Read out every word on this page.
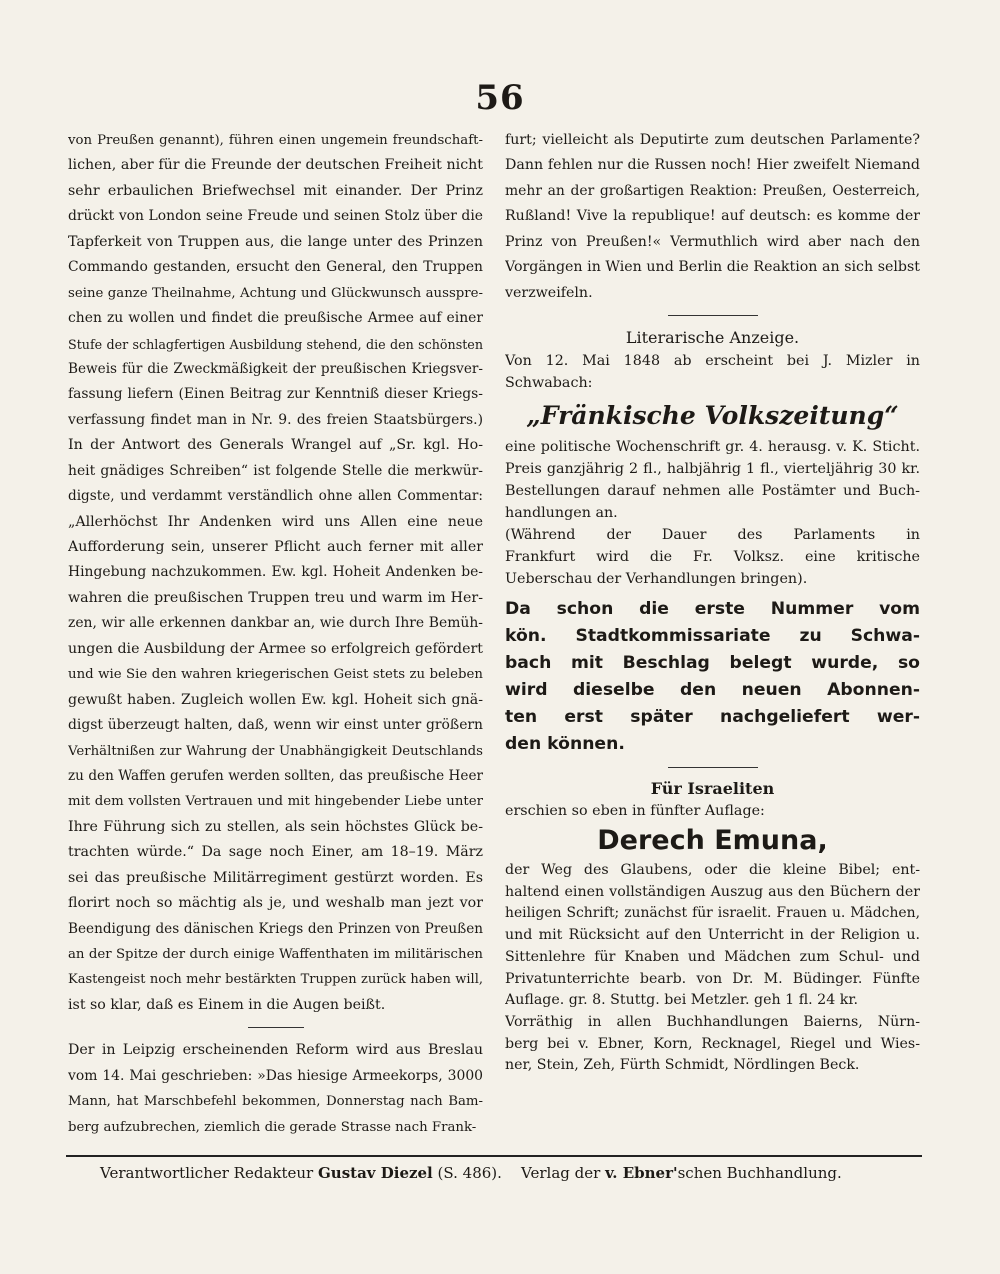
56
von Preußen genannt), führen einen ungemein freundschaft-
lichen, aber für die Freunde der deutschen Freiheit nicht
sehr erbaulichen Briefwechsel mit einander. Der Prinz
drückt von London seine Freude und seinen Stolz über die
Tapferkeit von Truppen aus, die lange unter des Prinzen
Commando gestanden, ersucht den General, den Truppen
seine ganze Theilnahme, Achtung und Glückwunsch ausspre-
chen zu wollen und findet die preußische Armee auf einer
Stufe der schlagfertigen Ausbildung stehend, die den schönsten
Beweis für die Zweckmäßigkeit der preußischen Kriegsver-
fassung liefern (Einen Beitrag zur Kenntniß dieser Kriegs-
verfassung findet man in Nr. 9. des freien Staatsbürgers.)
In der Antwort des Generals Wrangel auf „Sr. kgl. Ho-
heit gnädiges Schreiben“ ist folgende Stelle die merkwür-
digste, und verdammt verständlich ohne allen Commentar:
„Allerhöchst Ihr Andenken wird uns Allen eine neue
Aufforderung sein, unserer Pflicht auch ferner mit aller
Hingebung nachzukommen. Ew. kgl. Hoheit Andenken be-
wahren die preußischen Truppen treu und warm im Her-
zen, wir alle erkennen dankbar an, wie durch Ihre Bemüh-
ungen die Ausbildung der Armee so erfolgreich gefördert
und wie Sie den wahren kriegerischen Geist stets zu beleben
gewußt haben. Zugleich wollen Ew. kgl. Hoheit sich gnä-
digst überzeugt halten, daß, wenn wir einst unter größern
Verhältnißen zur Wahrung der Unabhängigkeit Deutschlands
zu den Waffen gerufen werden sollten, das preußische Heer
mit dem vollsten Vertrauen und mit hingebender Liebe unter
Ihre Führung sich zu stellen, als sein höchstes Glück be-
trachten würde.“ Da sage noch Einer, am 18–19. März
sei das preußische Militärregiment gestürzt worden. Es
florirt noch so mächtig als je, und weshalb man jezt vor
Beendigung des dänischen Kriegs den Prinzen von Preußen
an der Spitze der durch einige Waffenthaten im militärischen
Kastengeist noch mehr bestärkten Truppen zurück haben will,
ist so klar, daß es Einem in die Augen beißt.
Der in Leipzig erscheinenden Reform wird aus Breslau
vom 14. Mai geschrieben: »Das hiesige Armeekorps, 3000
Mann, hat Marschbefehl bekommen, Donnerstag nach Bam-
berg aufzubrechen, ziemlich die gerade Strasse nach Frank-
furt; vielleicht als Deputirte zum deutschen Parlamente?
Dann fehlen nur die Russen noch! Hier zweifelt Niemand
mehr an der großartigen Reaktion: Preußen, Oesterreich,
Rußland! Vive la republique! auf deutsch: es komme der
Prinz von Preußen!« Vermuthlich wird aber nach den
Vorgängen in Wien und Berlin die Reaktion an sich selbst
verzweifeln.
Literarische Anzeige.
Von 12. Mai 1848 ab erscheint bei J. Mizler in
Schwabach:
„Fränkische Volkszeitung“
eine politische Wochenschrift gr. 4. herausg. v. K. Sticht.
Preis ganzjährig 2 fl., halbjährig 1 fl., vierteljährig 30 kr.
Bestellungen darauf nehmen alle Postämter und Buch-
handlungen an.
(Während der Dauer des Parlaments in
Frankfurt wird die Fr. Volksz. eine kritische
Ueberschau der Verhandlungen bringen).
Da schon die erste Nummer vom
kön. Stadtkommissariate zu Schwa-
bach mit Beschlag belegt wurde, so
wird dieselbe den neuen Abonnen-
ten erst später nachgeliefert wer-
den können.
Für Israeliten
erschien so eben in fünfter Auflage:
Derech Emuna,
der Weg des Glaubens, oder die kleine Bibel; ent-
haltend einen vollständigen Auszug aus den Büchern der
heiligen Schrift; zunächst für israelit. Frauen u. Mädchen,
und mit Rücksicht auf den Unterricht in der Religion u.
Sittenlehre für Knaben und Mädchen zum Schul- und
Privatunterrichte bearb. von Dr. M. Büdinger. Fünfte
Auflage. gr. 8. Stuttg. bei Metzler. geh 1 fl. 24 kr.
Vorräthig in allen Buchhandlungen Baierns, Nürn-
berg bei v. Ebner, Korn, Recknagel, Riegel und Wies-
ner, Stein, Zeh, Fürth Schmidt, Nördlingen Beck.
Verantwortlicher Redakteur Gustav Diezel (S. 486). Verlag der v. Ebner'schen Buchhandlung.
